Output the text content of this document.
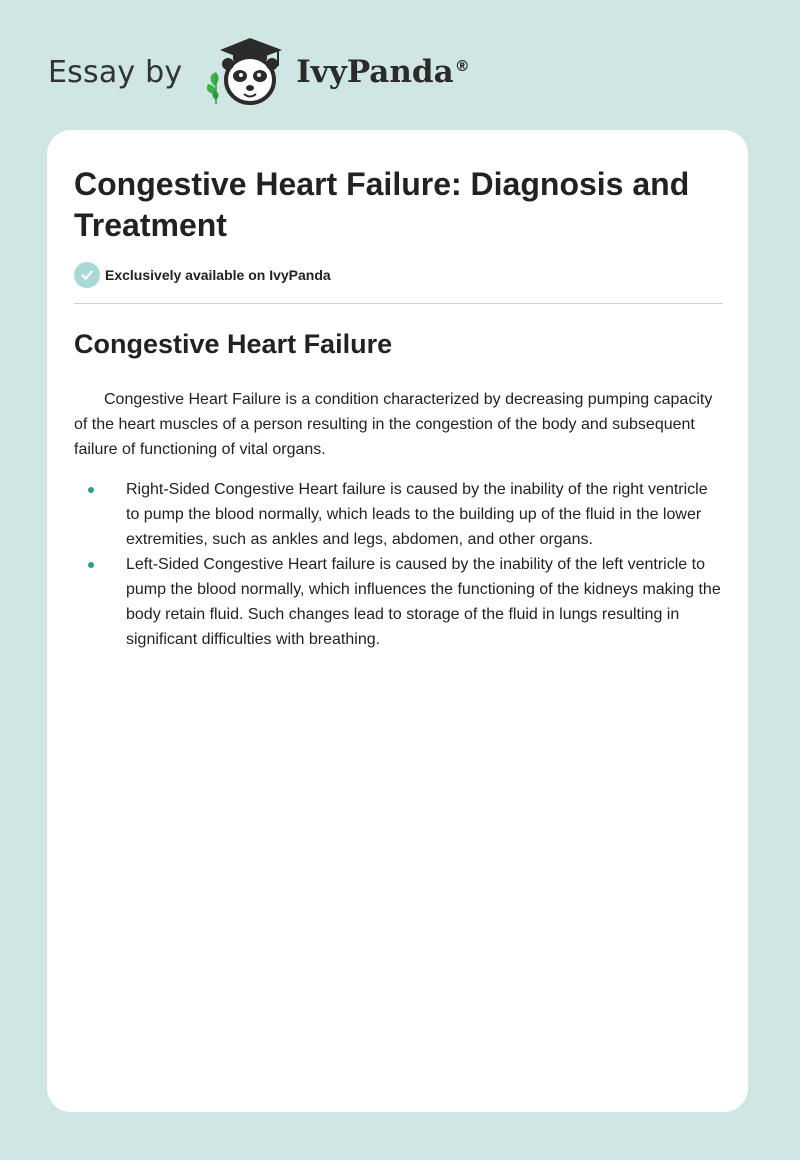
Essay by	IvyPanda®
Congestive Heart Failure: Diagnosis and Treatment
Exclusively available on IvyPanda
Congestive Heart Failure

Congestive Heart Failure is a condition characterized by decreasing pumping capacity of the heart muscles of a person resulting in the congestion of the body and subsequent failure of functioning of vital organs.

Right-Sided Congestive Heart failure is caused by the inability of the right ventricle to pump the blood normally, which leads to the building up of the fluid in the lower extremities, such as ankles and legs, abdomen, and other organs.
Left-Sided Congestive Heart failure is caused by the inability of the left ventricle to pump the blood normally, which influences the functioning of the kidneys making the body retain fluid. Such changes lead to storage of the fluid in lungs resulting in significant difficulties with breathing.
